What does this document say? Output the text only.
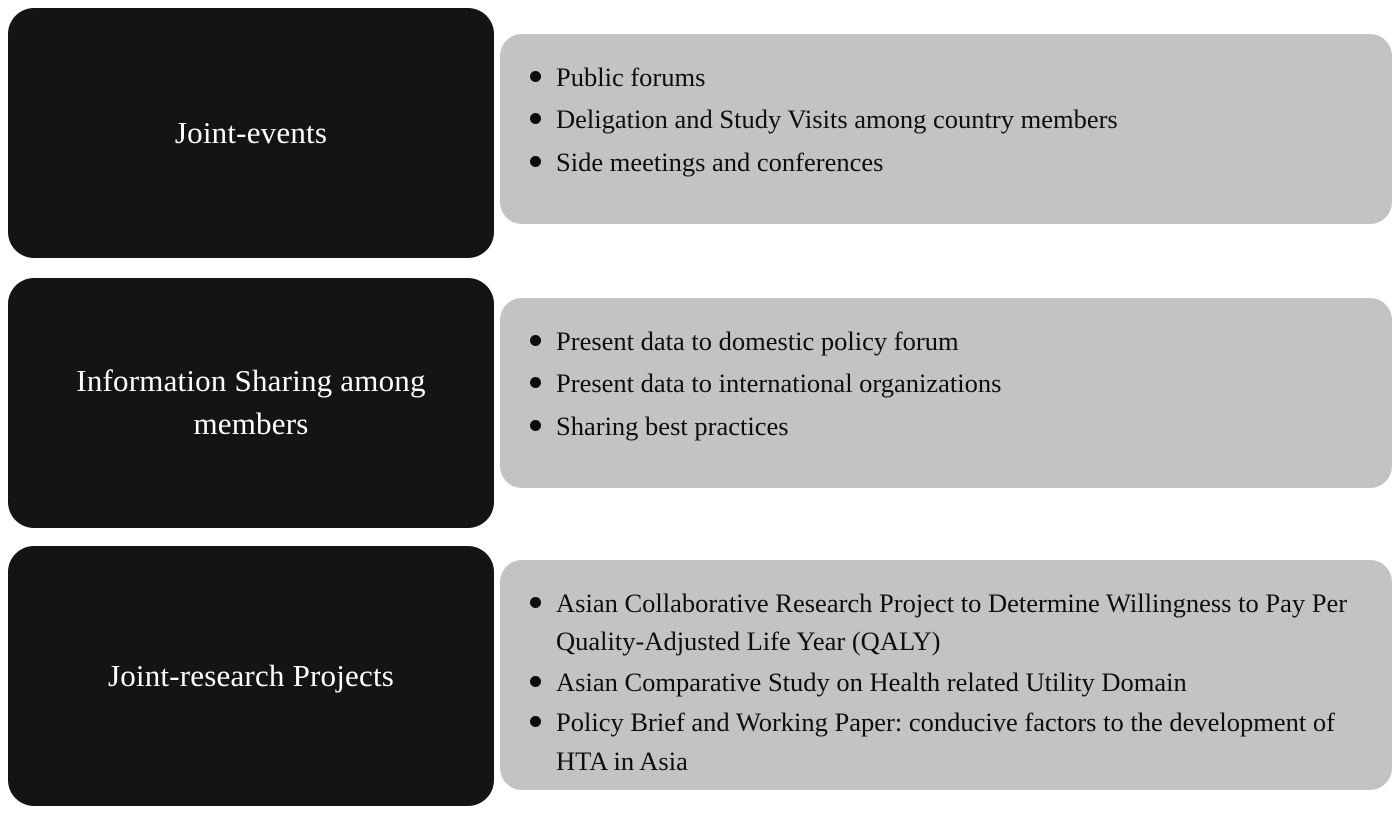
Joint-events
Public forums
Deligation and Study Visits among country members
Side meetings and conferences
Information Sharing among members
Present data to domestic policy forum
Present data to international organizations
Sharing best practices
Joint-research Projects
Asian Collaborative Research Project to Determine Willingness to Pay Per Quality-Adjusted Life Year (QALY)
Asian Comparative Study on Health related Utility Domain
Policy Brief and Working Paper: conducive factors to the development of HTA in Asia
